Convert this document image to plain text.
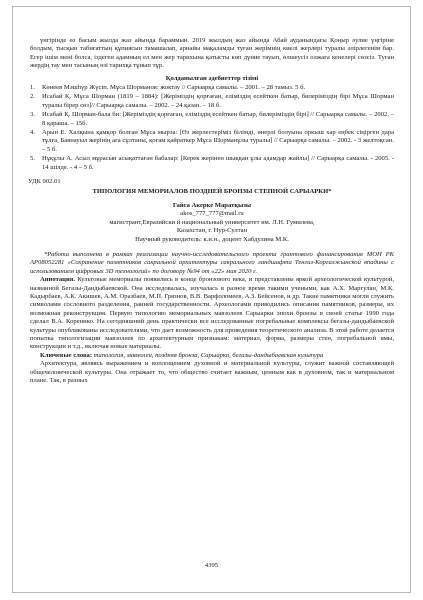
үнгірінде өз басым жылда жаз айында бараммын. 2019 жылдың жаз айында Абай ауданындағы Қоңыр әулие үңгіріне болдым, тысқын табиғаттың құпиясын тамашалап, арнайы мақаламды туған жерімнің киелі жерлері туралы әлірлегенім бар. Егер ішім мені болса, іздеген адамның ел мен жер тарихына қатысты көп дүние тауып, өлшеусіз олжаға кенелері сөзсіз. Туған жердің тау мен тасының өзі тарихқа тұнып тұр.

Қолданылған әдебиеттер тізімі

1.	Көнеев Мәшһүр Жүсіп. Мұса Шорманов: жоктау // Сарыарқа самалы. – 2001. – 28 тамыз. 5 б.
2.	Исабай Қ. Мұса Шорман (1819 – 1884): [Жеріміздің қорғаған, еліміздің есейткен батыр, билеріміздің бірі Мұса Шорман туралы бірер сөз]// Сарыарқа самалы. – 2002. – 24 қазан. – 18 б.
3.	Исабай Қ. Шорман-бала би: [Жеріміздің қорғаған, еліміздің есейткен батыр, билеріміздің бірі] // Сарыарқа самалы. – 2002. – 8 қараша. – 15б.
4.	Арын Е. Халқына қамқор болған Мұса мырза: [Өз жерлестеріміз білімді, өнерлі болуына оркыш хар еңбек сіңірген дара тұлға, Баянауыл жерінің аға сұлтаны, қоғам қайраткер Мұса Шорманұлы туралы] // Сарыарқа самалы. – 2002. - 3 желтоқсан. – 5 б.
5.	Нұқұлы А. Асыл мұрасын асықаттаған бабалар: [Керек жерінен шыққан ұлы адамдар жайлы] // Сарыарқа самалы. - 2005. - 14 шілде. - 4 – 5 б.

УДК 902.01

ТИПОЛОГИЯ МЕМОРИАЛОВ ПОЗДНЕЙ БРОНЗЫ СТЕПНОЙ САРЫАРКИ*

Гайса Акерке Маратқызы

akos_777_777@mail.ru

магистрант,Евразийски й национальный университет им. Л.Н. Гумилева,

Казахстан, г. Нур-Султан

Научный руководитель: к.и.н., доцент Хабдулина М.К.

*Работа выполнена в рамках реализации научно-исследовательского проекта грантового финансирования МОН РК АР08052281 «Сохранение памятников сакральной архитектуры сакрального ландшафта Тенгиз-Коргалжынской впадины с использованием цифровых 3D технологий» по договору №94 от «22» мая 2020 г.

Аннотация. Культовые мемориалы появились в конце бронзового века, и представлены яркой археологической культурой, названной Бегазы-Дандыбаевской. Она исследовалась, изучалась в разное время такими учеными, как А.Х. Маргулан, М.К. Кадырбаев, А.К. Акишев, А.М. Оразбаев, М.П. Грязнов, В.В. Варфоломеев, А.З. Бейсенов, и др. Такие памятники могли служить символами сословного разделения, ранней государственности. Археологами приводились описания памятников, размеры, их возможная реконструкция. Первую типологию мемориальных мавзолеев Сарыарки эпохи бронзы в своей статье 1990 года сделал В.А. Коренико. На сегодняшний день практически все исследованные погребальные комплексы бегазы-дандыбаевской культуры опубликованы исследователями, что дает возможность для проведения теоретического анализа. В этой работе делается попытка типологизации мавзолеев по архитектурным признакам: материал, форма, размеры стен, погребальной ямы, конструкции и т.д., включая новые материалы.

Ключевые слова: типология, мавзолеи, поздняя бронза, Сарыарка, бегазы-дандыбаевская культура

Архитектура, являясь выражением и воплощением духовной и материальной культуры, служит важной составляющей общечеловеческой культуры. Она отражает то, что общество считает важным, ценным как в духовном, так и материальном плане. Так, в разных

4395
